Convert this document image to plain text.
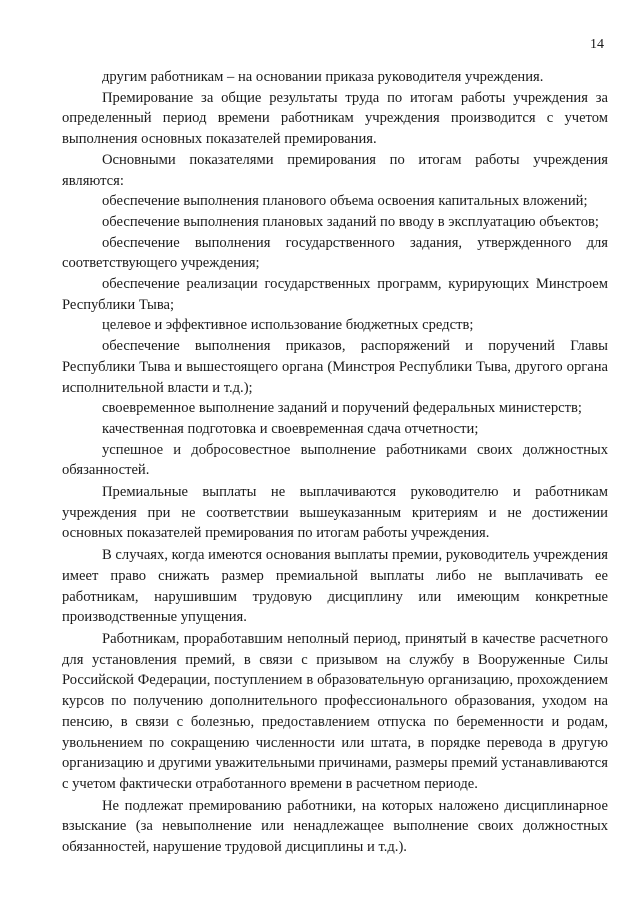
14

другим работникам – на основании приказа руководителя учреждения.

Премирование за общие результаты труда по итогам работы учреждения за определенный период времени работникам учреждения производится с учетом выполнения основных показателей премирования.

Основными показателями премирования по итогам работы учреждения являются:

обеспечение выполнения планового объема освоения капитальных вложений;

обеспечение выполнения плановых заданий по вводу в эксплуатацию объектов;

обеспечение выполнения государственного задания, утвержденного для соответствующего учреждения;

обеспечение реализации государственных программ, курирующих Минстроем Республики Тыва;

целевое и эффективное использование бюджетных средств;

обеспечение выполнения приказов, распоряжений и поручений Главы Республики Тыва и вышестоящего органа (Минстроя Республики Тыва, другого органа исполнительной власти и т.д.);

своевременное выполнение заданий и поручений федеральных министерств;

качественная подготовка и своевременная сдача отчетности;

успешное и добросовестное выполнение работниками своих должностных обязанностей.

Премиальные выплаты не выплачиваются руководителю и работникам учреждения при не соответствии вышеуказанным критериям и не достижении основных показателей премирования по итогам работы учреждения.

В случаях, когда имеются основания выплаты премии, руководитель учреждения имеет право снижать размер премиальной выплаты либо не выплачивать ее работникам, нарушившим трудовую дисциплину или имеющим конкретные производственные упущения.

Работникам, проработавшим неполный период, принятый в качестве расчетного для установления премий, в связи с призывом на службу в Вооруженные Силы Российской Федерации, поступлением в образовательную организацию, прохождением курсов по получению дополнительного профессионального образования, уходом на пенсию, в связи с болезнью, предоставлением отпуска по беременности и родам, увольнением по сокращению численности или штата, в порядке перевода в другую организацию и другими уважительными причинами, размеры премий устанавливаются с учетом фактически отработанного времени в расчетном периоде.

Не подлежат премированию работники, на которых наложено дисциплинарное взыскание (за невыполнение или ненадлежащее выполнение своих должностных обязанностей, нарушение трудовой дисциплины и т.д.).
